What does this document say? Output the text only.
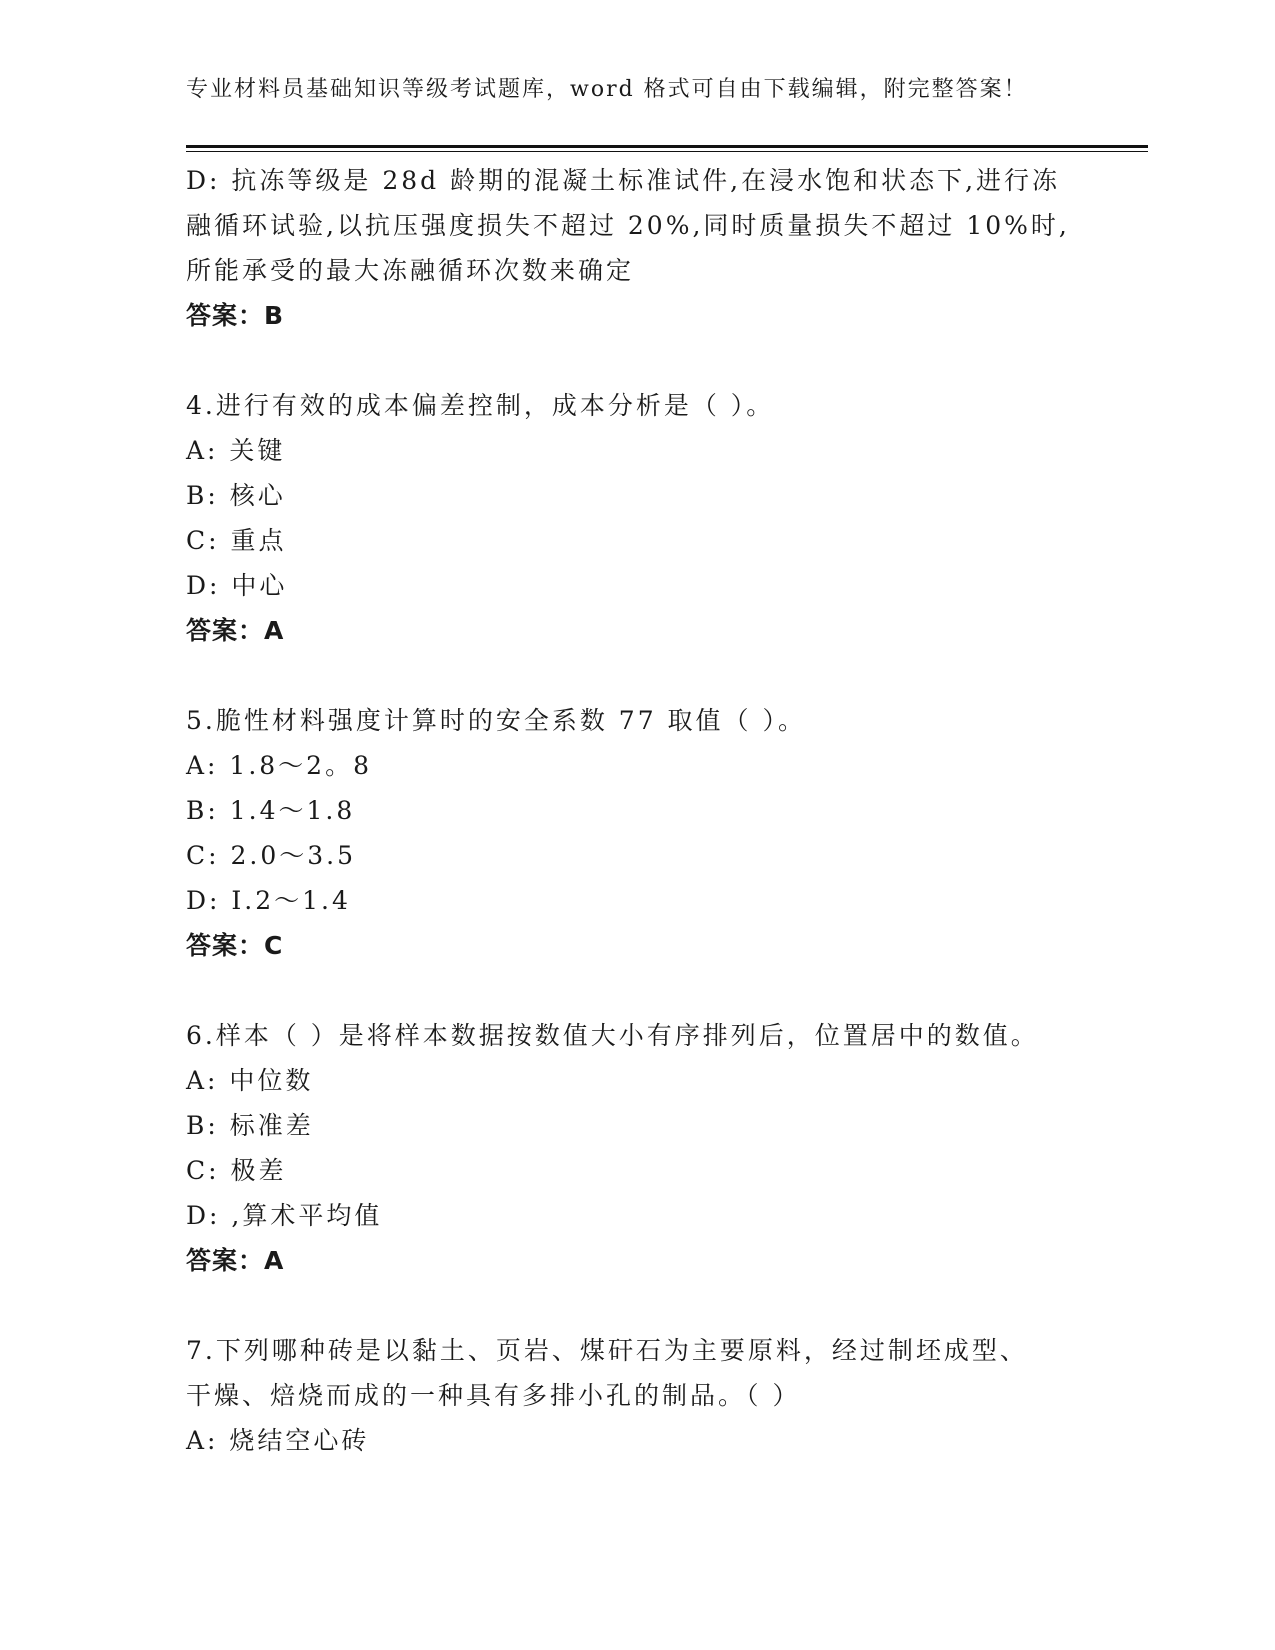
专业材料员基础知识等级考试题库，word 格式可自由下载编辑，附完整答案！
D: 抗冻等级是 28d 龄期的混凝土标准试件,在浸水饱和状态下,进行冻
融循环试验,以抗压强度损失不超过 20%,同时质量损失不超过 10%时,
所能承受的最大冻融循环次数来确定
答案：B
4.进行有效的成本偏差控制，成本分析是（ ）。
A: 关键
B: 核心
C: 重点
D: 中心
答案：A
5.脆性材料强度计算时的安全系数 77 取值（ ）。
A: 1.8～2。8
B: 1.4～1.8
C: 2.0～3.5
D: I.2～1.4
答案：C
6.样本（ ）是将样本数据按数值大小有序排列后，位置居中的数值。
A: 中位数
B: 标准差
C: 极差
D: ,算术平均值
答案：A
7.下列哪种砖是以黏土、页岩、煤矸石为主要原料，经过制坯成型、
干燥、焙烧而成的一种具有多排小孔的制品。（ ）
A: 烧结空心砖
